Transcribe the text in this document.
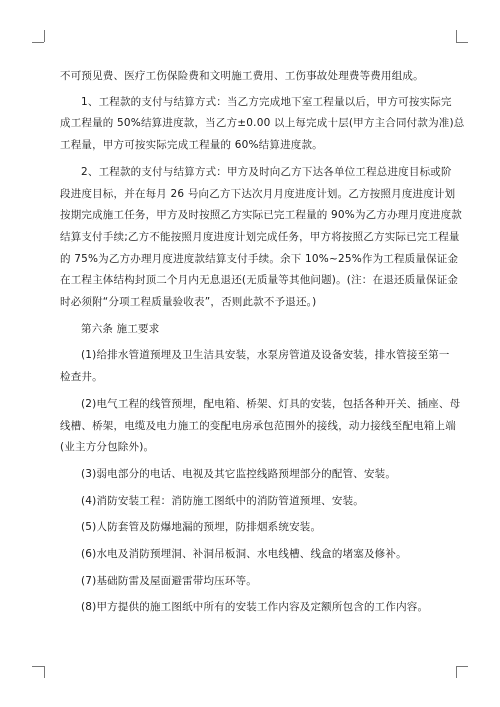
不可预见费、医疗工伤保险费和文明施工费用、工伤事故处理费等费用组成。
1、工程款的支付与结算方式：当乙方完成地下室工程量以后，甲方可按实际完
成工程量的 50%结算进度款，当乙方±0.00 以上每完成十层(甲方主合同付款为准)总
工程量，甲方可按实际完成工程量的 60%结算进度款。
2、工程款的支付与结算方式：甲方及时向乙方下达各单位工程总进度目标或阶
段进度目标，并在每月 26 号向乙方下达次月月度进度计划。乙方按照月度进度计划
按期完成施工任务，甲方及时按照乙方实际已完工程量的 90%为乙方办理月度进度款
结算支付手续;乙方不能按照月度进度计划完成任务，甲方将按照乙方实际已完工程量
的 75%为乙方办理月度进度款结算支付手续。余下 10%~25%作为工程质量保证金
在工程主体结构封顶二个月内无息退还(无质量等其他问题)。(注：在退还质量保证金
时必须附“分项工程质量验收表”，否则此款不予退还。)
第六条 施工要求
(1)给排水管道预埋及卫生洁具安装，水泵房管道及设备安装，排水管接至第一
检查井。
(2)电气工程的线管预埋，配电箱、桥架、灯具的安装，包括各种开关、插座、母
线槽、桥架，电缆及电力施工的变配电房承包范围外的接线，动力接线至配电箱上端
(业主方分包除外)。
(3)弱电部分的电话、电视及其它监控线路预埋部分的配管、安装。
(4)消防安装工程：消防施工图纸中的消防管道预埋、安装。
(5)人防套管及防爆地漏的预埋，防排烟系统安装。
(6)水电及消防预埋洞、补洞吊板洞、水电线槽、线盒的堵塞及修补。
(7)基础防雷及屋面避雷带均压环等。
(8)甲方提供的施工图纸中所有的安装工作内容及定额所包含的工作内容。
